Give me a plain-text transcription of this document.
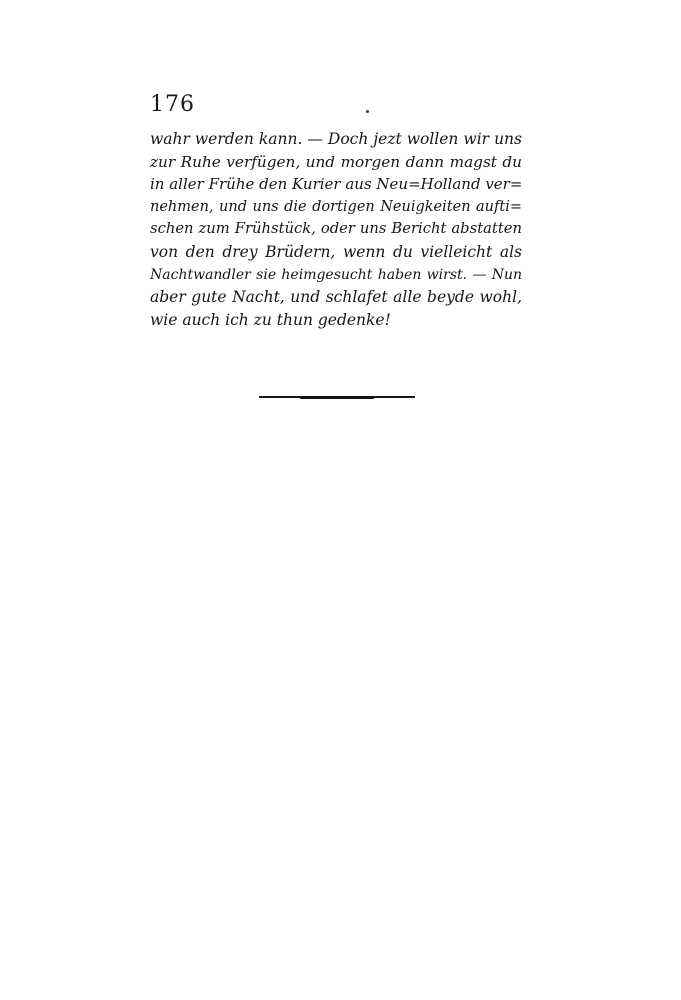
176
wahr werden kann. — Doch jezt wollen wir uns
zur Ruhe verfügen, und morgen dann magst du
in aller Frühe den Kurier aus Neu=Holland ver=
nehmen, und uns die dortigen Neuigkeiten aufti=
schen zum Frühstück, oder uns Bericht abstatten
von den drey Brüdern, wenn du vielleicht als
Nachtwandler sie heimgesucht haben wirst. — Nun
aber gute Nacht, und schlafet alle beyde wohl,
wie auch ich zu thun gedenke!
